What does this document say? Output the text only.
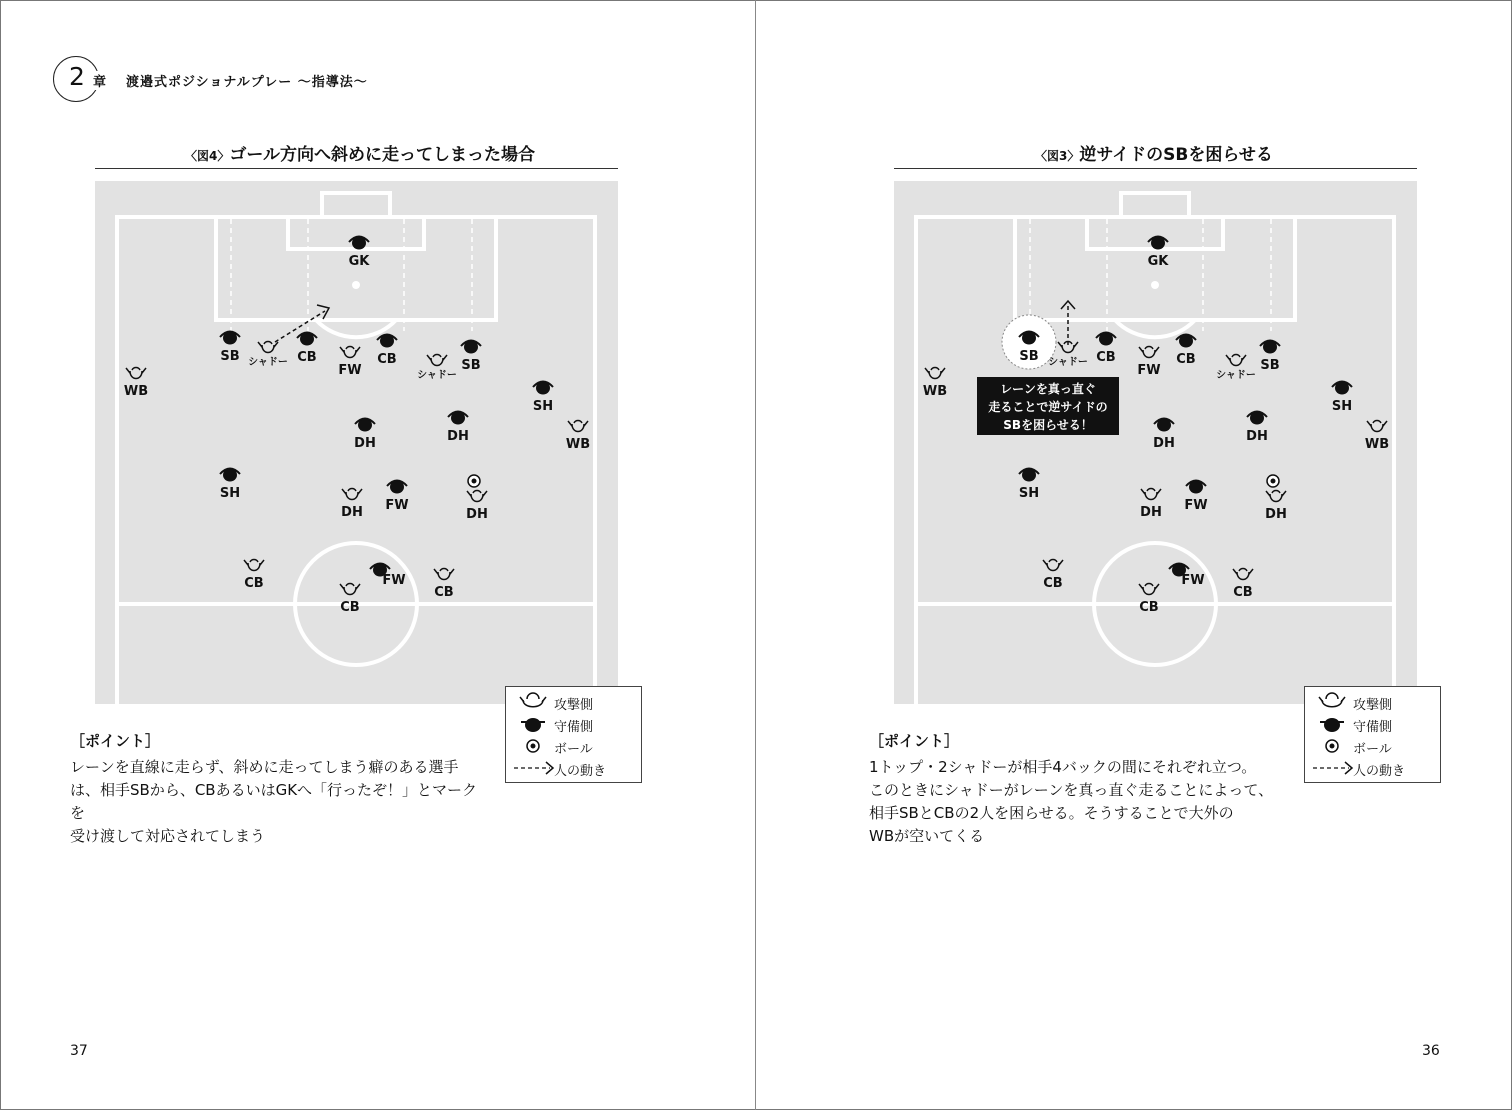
2 章 渡邉式ポジショナルプレー ～指導法～
〈図4〉ゴール方向へ斜めに走ってしまった場合
GK
SB	CB	CB	SB
SH
DH	DH
SH
FW
FW
WB
シャドー
FW	シャドー
WB
DH	DH
CB
CB
CB
攻撃側
守備側
ボール
人の動き
［ポイント］
レーンを直線に走らず、斜めに走ってしまう癖のある選手
は、相手SBから、CBあるいはGKへ「行ったぞ！」とマークを
受け渡して対応されてしまう
37
〈図3〉逆サイドのSBを困らせる
GK
SB	CB	CB	SB
SH
DH	DH
SH
FW
FW
WB
シャドー
FW	シャドー
WB
DH	DH
CB
CB
CB
レーンを真っ直ぐ
走ることで逆サイドの
SBを困らせる！
攻撃側
守備側
ボール
人の動き
［ポイント］
1トップ・2シャドーが相手4バックの間にそれぞれ立つ。
このときにシャドーがレーンを真っ直ぐ走ることによって、
相手SBとCBの2人を困らせる。そうすることで大外の
WBが空いてくる
36
